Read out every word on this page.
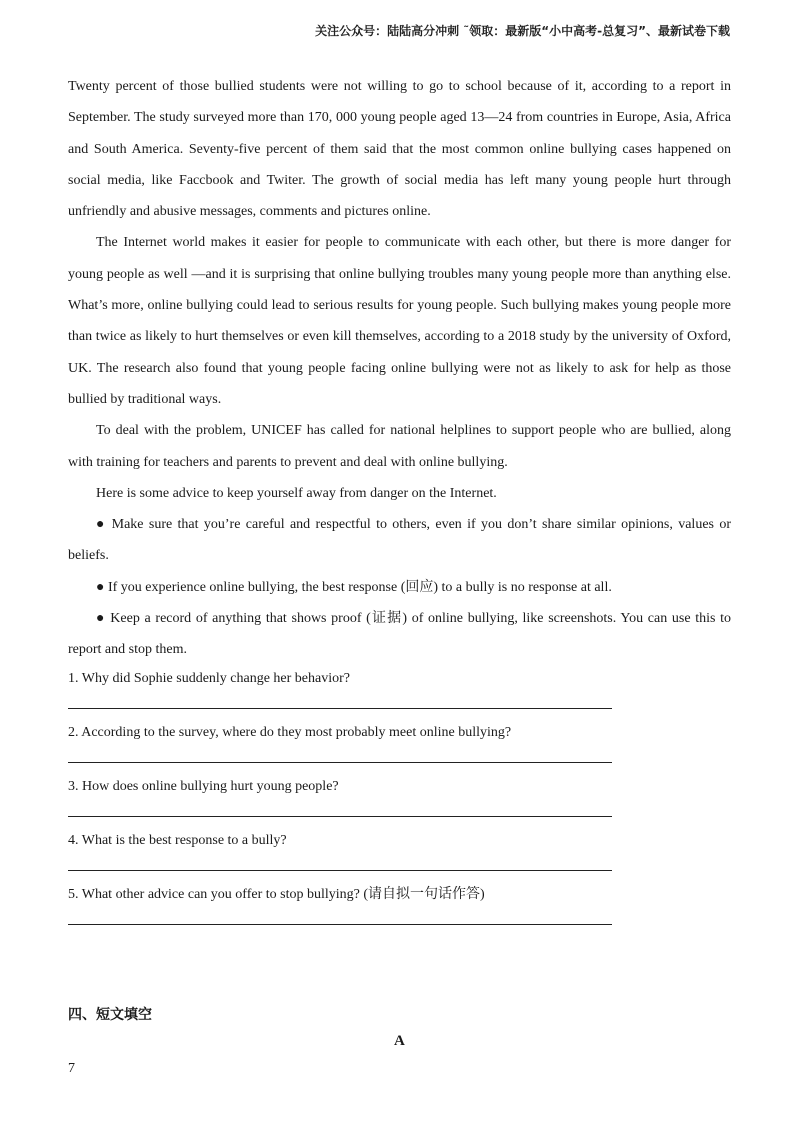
关注公众号：陆陆高分冲刺 ˜领取：最新版“小中高考-总复习”、最新试卷下载

Twenty percent of those bullied students were not willing to go to school because of it, according to a report in September. The study surveyed more than 170, 000 young people aged 13—24 from countries in Europe, Asia, Africa and South America. Seventy-five percent of them said that the most common online bullying cases happened on social media, like Faccbook and Twiter. The growth of social media has left many young people hurt through unfriendly and abusive messages, comments and pictures online.

The Internet world makes it easier for people to communicate with each other, but there is more danger for young people as well —and it is surprising that online bullying troubles many young people more than anything else. What’s more, online bullying could lead to serious results for young people. Such bullying makes young people more than twice as likely to hurt themselves or even kill themselves, according to a 2018 study by the university of Oxford, UK. The research also found that young people facing online bullying were not as likely to ask for help as those bullied by traditional ways.

To deal with the problem, UNICEF has called for national helplines to support people who are bullied, along with training for teachers and parents to prevent and deal with online bullying.

Here is some advice to keep yourself away from danger on the Internet.

● Make sure that you’re careful and respectful to others, even if you don’t share similar opinions, values or beliefs.

● If you experience online bullying, the best response (回应) to a bully is no response at all.

● Keep a record of anything that shows proof (证据) of online bullying, like screenshots. You can use this to report and stop them.

1. Why did Sophie suddenly change her behavior?

2. According to the survey, where do they most probably meet online bullying?

3. How does online bullying hurt young people?

4. What is the best response to a bully?

5. What other advice can you offer to stop bullying? (请自拟一句话作答)

四、短文填空
A
7
